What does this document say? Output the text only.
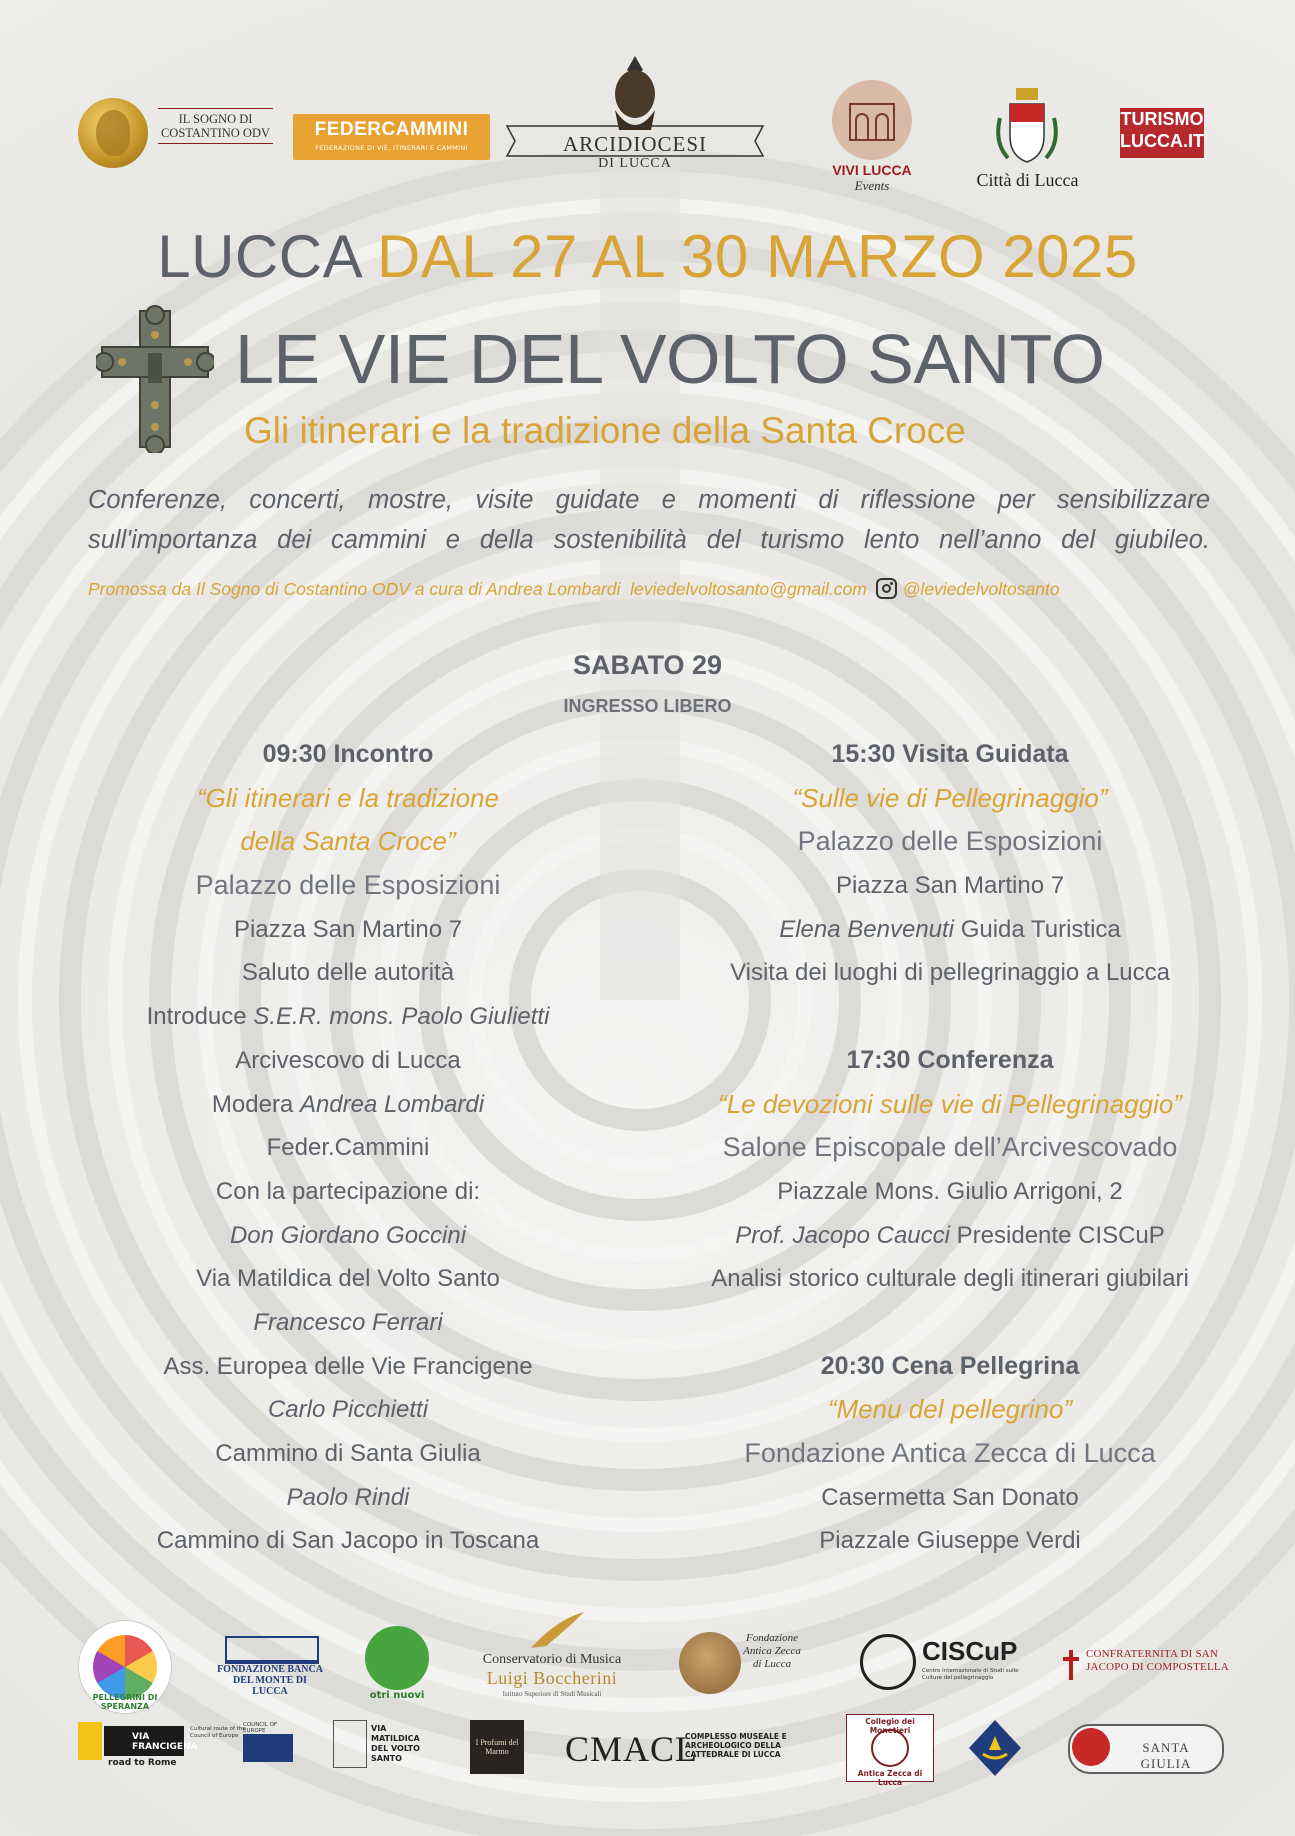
IL SOGNO DI COSTANTINO ODV	FEDERCAMMINI
FEDERAZIONE DI VIE, ITINERARI E CAMMINI	ARCIDIOCESI
DI LUCCA	VIVI LUCCA
Events	Città di Lucca
TURISMO
LUCCA.IT
LUCCA DAL 27 AL 30 MARZO 2025
LE VIE DEL VOLTO SANTO
Gli itinerari e la tradizione della Santa Croce

Conferenze, concerti, mostre, visite guidate e momenti di riflessione per sensibilizzare

sull'importanza dei cammini e della sostenibilità del turismo lento nell’anno del giubileo.

Promossa da Il Sogno di Costantino ODV a cura di Andrea Lombardi leviedelvoltosanto@gmail.com @leviedelvoltosanto
SABATO 29
INGRESSO LIBERO
09:30 Incontro
“Gli itinerari e la tradizione
della Santa Croce”
Palazzo delle Esposizioni
Piazza San Martino 7
Saluto delle autorità
Introduce S.E.R. mons. Paolo Giulietti
Arcivescovo di Lucca
Modera Andrea Lombardi
Feder.Cammini
Con la partecipazione di:
Don Giordano Goccini
Via Matildica del Volto Santo
Francesco Ferrari
Ass. Europea delle Vie Francigene
Carlo Picchietti
Cammino di Santa Giulia
Paolo Rindi
Cammino di San Jacopo in Toscana
15:30 Visita Guidata
“Sulle vie di Pellegrinaggio”
Palazzo delle Esposizioni
Piazza San Martino 7
Elena Benvenuti Guida Turistica
Visita dei luoghi di pellegrinaggio a Lucca
17:30 Conferenza
“Le devozioni sulle vie di Pellegrinaggio”
Salone Episcopale dell’Arcivescovado
Piazzale Mons. Giulio Arrigoni, 2
Prof. Jacopo Caucci Presidente CISCuP
Analisi storico culturale degli itinerari giubilari
20:30 Cena Pellegrina
“Menu del pellegrino”
Fondazione Antica Zecca di Lucca
Casermetta San Donato
Piazzale Giuseppe Verdi
PELLEGRINI DI SPERANZA
FONDAZIONE BANCA DEL MONTE DI LUCCA	otri nuovi
Conservatorio di Musica
Luigi Boccherini
Istituto Superiore di Studi Musicali
Fondazione Antica Zecca di Lucca	CISCuP
Centro Internazionale di Studi sulle Culture del pellegrinaggio
CONFRATERNITA DI SAN JACOPO DI COMPOSTELLA
VIA FRANCIGENA
road to Rome
Cultural route of the Council of Europe
COUNCIL OF EUROPE	VIA MATILDICA DEL VOLTO SANTO
I Profumi del Marmo	CMACL
COMPLESSO MUSEALE E ARCHEOLOGICO DELLA CATTEDRALE DI LUCCA
Collegio dei Monetieri
Antica Zecca di Lucca
SANTA GIULIA
